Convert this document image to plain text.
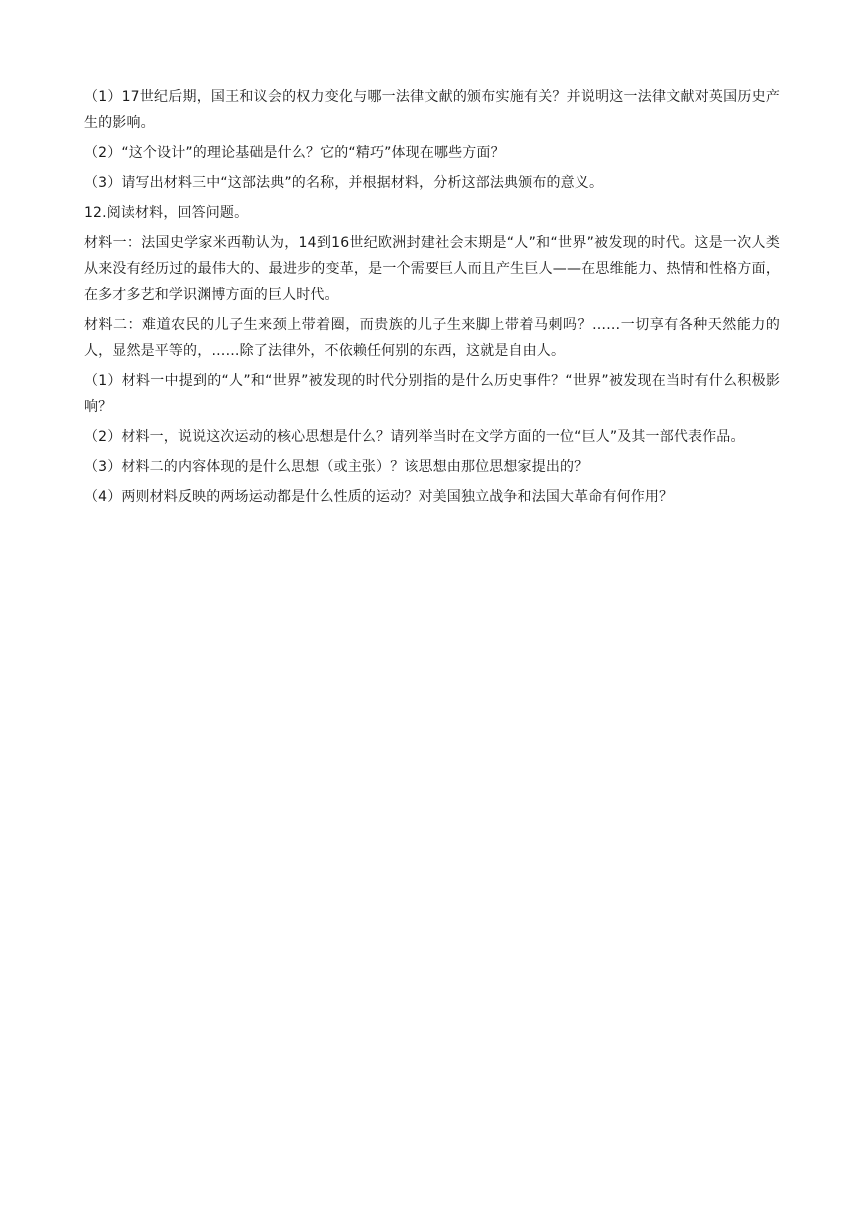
（1）17世纪后期，国王和议会的权力变化与哪一法律文献的颁布实施有关？并说明这一法律文献对英国历史产生的影响。

（2）“这个设计”的理论基础是什么？它的“精巧”体现在哪些方面？

（3）请写出材料三中“这部法典”的名称，并根据材料，分析这部法典颁布的意义。

12.阅读材料，回答问题。

材料一：法国史学家米西勒认为，14到16世纪欧洲封建社会末期是“人”和“世界”被发现的时代。这是一次人类从来没有经历过的最伟大的、最进步的变革，是一个需要巨人而且产生巨人——在思维能力、热情和性格方面，在多才多艺和学识渊博方面的巨人时代。

材料二：难道农民的儿子生来颈上带着圈，而贵族的儿子生来脚上带着马刺吗？……一切享有各种天然能力的人，显然是平等的，……除了法律外，不依赖任何别的东西，这就是自由人。

（1）材料一中提到的“人”和“世界”被发现的时代分别指的是什么历史事件？“世界”被发现在当时有什么积极影响？

（2）材料一，说说这次运动的核心思想是什么？请列举当时在文学方面的一位“巨人”及其一部代表作品。

（3）材料二的内容体现的是什么思想（或主张）？该思想由那位思想家提出的？

（4）两则材料反映的两场运动都是什么性质的运动？对美国独立战争和法国大革命有何作用？
